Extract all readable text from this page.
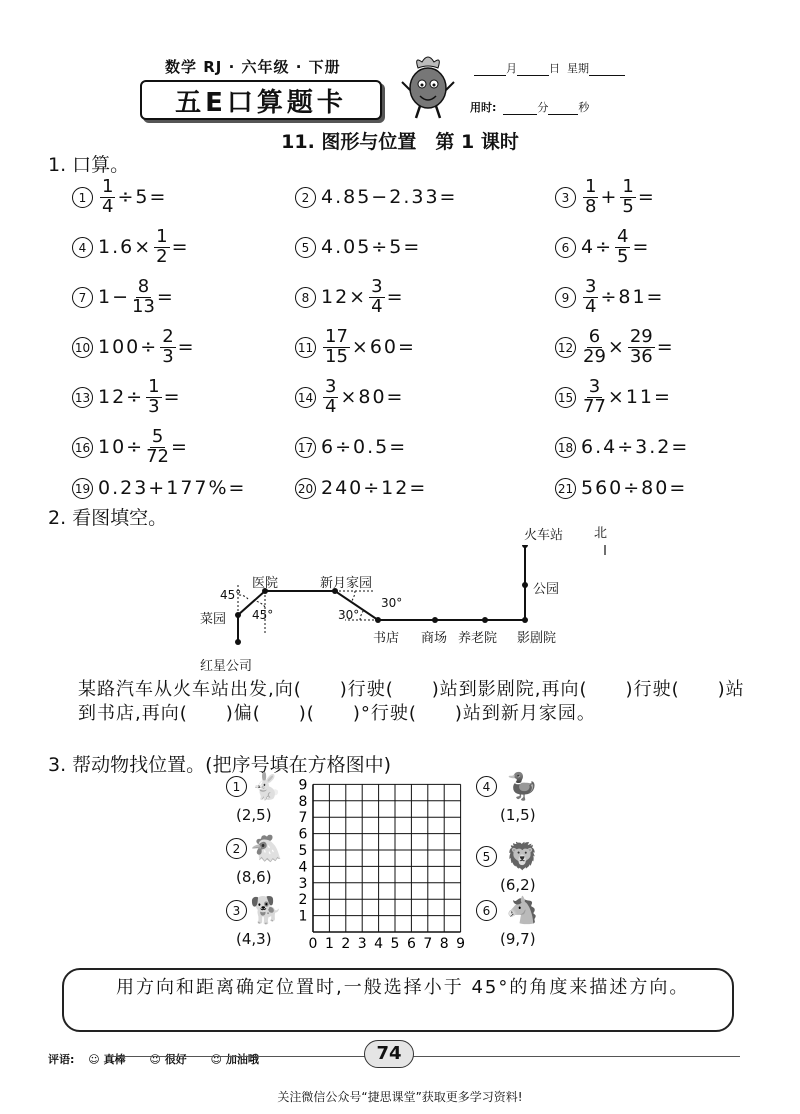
数学 RJ · 六年级 · 下册
五E口算题卡
月	日 星期
用时:	分	秒
11. 图形与位置　第 1 课时
1. 口算。
$1 \frac{1}{4} \div 5=$	2 4.85−2.33=	$3 \frac{1}{8} + \frac{1}{5}$ =
4 $1.6\times \frac{1}{2}$ =	5 4.05÷5=	6 $4\div \frac{4}{5}$ =
7 $1- \frac{8}{13}$ =	8 $12\times \frac{3}{4}$ =	$9 \frac{3}{4} \div 81=$
10 $100\div \frac{2}{3}$ =	$11 \frac{17}{15} \times 60=$	$12 \frac{6}{29} \times \frac{29}{36}$ =
13 $12\div \frac{1}{3}$ =	$14 \frac{3}{4} \times 80=$	$15 \frac{3}{77} \times 11=$
16 $10\div \frac{5}{72}$ =	17 6÷0.5=	18 6.4÷3.2=
19 0.23+177%=	20 240÷12=	21 560÷80=
2. 看图填空。
火车站 北
公园
医院	新月家园
菜园
书店 商场 养老院 影剧院
红星公司
45°
45°	30°
30°
某路汽车从火车站出发,向(　　)行驶(　　)站到影剧院,再向(　　)行驶(　　)站到书店,再向(　　)偏(　　)(　　)°行驶(　　)站到新月家园。
3. 帮动物找位置。(把序号填在方格图中)
1 🐇
(2,5)
2 🐔
(8,6)
3 🐕
(4,3)
4 🦆
(1,5)
5 🦁
(6,2)
6 🐴
(9,7)
0 1 2 3 4 5 6 7 8 9
1
2
3
4
5
6
7
8
9
用方向和距离确定位置时,一般选择小于 45°的角度来描述方向。
评语: ☺ 真棒 ☺ 很好 ☺ 加油哦	74
关注微信公众号“捷思课堂”获取更多学习资料!
